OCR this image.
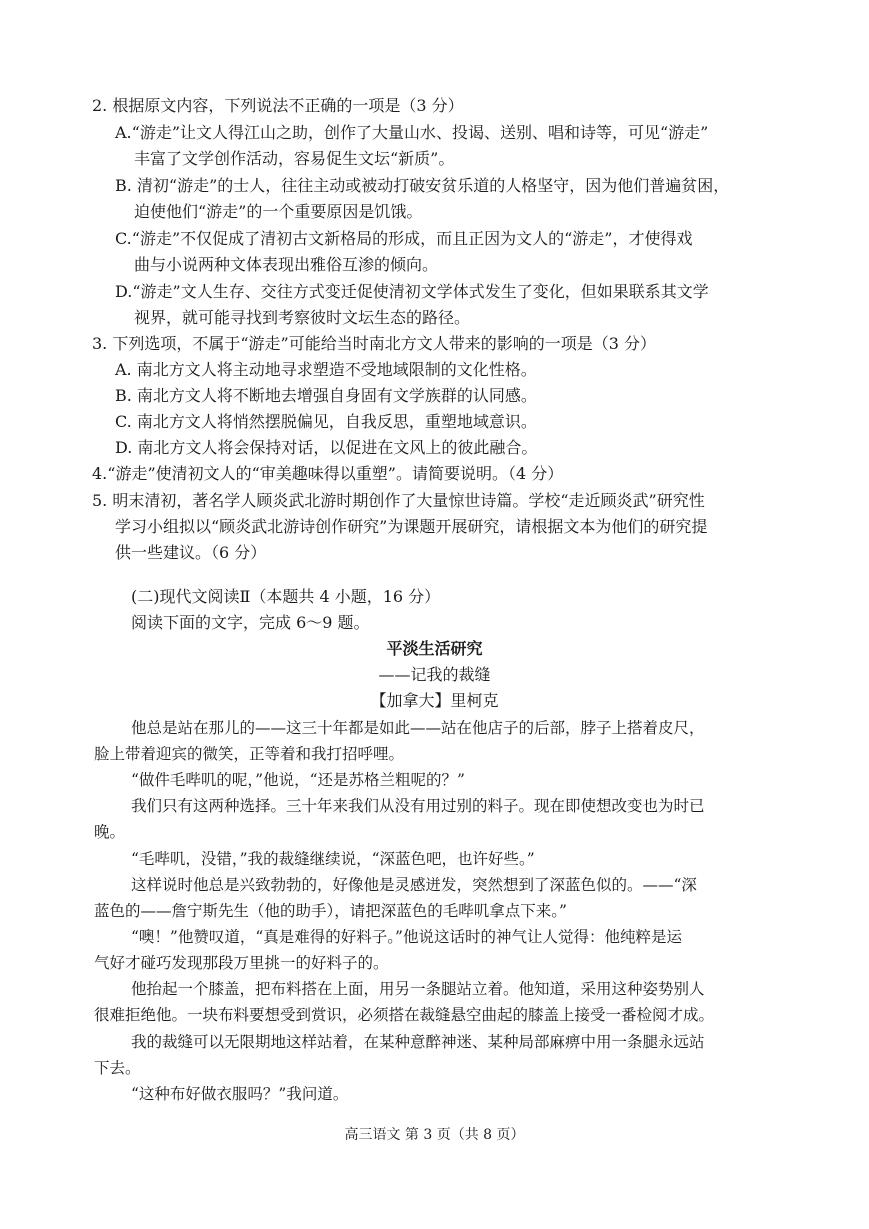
2. 根据原文内容，下列说法不正确的一项是（3 分）
A.“游走”让文人得江山之助，创作了大量山水、投谒、送别、唱和诗等，可见“游走”
丰富了文学创作活动，容易促生文坛“新质”。
B. 清初“游走”的士人，往往主动或被动打破安贫乐道的人格坚守，因为他们普遍贫困，
迫使他们“游走”的一个重要原因是饥饿。
C.“游走”不仅促成了清初古文新格局的形成，而且正因为文人的“游走”，才使得戏
曲与小说两种文体表现出雅俗互渗的倾向。
D.“游走”文人生存、交往方式变迁促使清初文学体式发生了变化，但如果联系其文学
视界，就可能寻找到考察彼时文坛生态的路径。
3. 下列选项，不属于“游走”可能给当时南北方文人带来的影响的一项是（3 分）
A. 南北方文人将主动地寻求塑造不受地域限制的文化性格。
B. 南北方文人将不断地去增强自身固有文学族群的认同感。
C. 南北方文人将悄然摆脱偏见，自我反思，重塑地域意识。
D. 南北方文人将会保持对话，以促进在文风上的彼此融合。
4.“游走”使清初文人的“审美趣味得以重塑”。请简要说明。（4 分）
5. 明末清初，著名学人顾炎武北游时期创作了大量惊世诗篇。学校“走近顾炎武”研究性
学习小组拟以“顾炎武北游诗创作研究”为课题开展研究，请根据文本为他们的研究提
供一些建议。（6 分）
(二)现代文阅读Ⅱ（本题共 4 小题，16 分）
阅读下面的文字，完成 6～9 题。
平淡生活研究
——记我的裁缝
【加拿大】里柯克
他总是站在那儿的——这三十年都是如此——站在他店子的后部，脖子上搭着皮尺，
脸上带着迎宾的微笑，正等着和我打招呼哩。
“做件毛哔叽的呢，”他说，“还是苏格兰粗呢的？”
我们只有这两种选择。三十年来我们从没有用过别的料子。现在即使想改变也为时已
晚。
“毛哔叽，没错，”我的裁缝继续说，“深蓝色吧，也许好些。”
这样说时他总是兴致勃勃的，好像他是灵感迸发，突然想到了深蓝色似的。——“深
蓝色的——詹宁斯先生（他的助手），请把深蓝色的毛哔叽拿点下来。”
“噢！”他赞叹道，“真是难得的好料子。”他说这话时的神气让人觉得：他纯粹是运
气好才碰巧发现那段万里挑一的好料子的。
他抬起一个膝盖，把布料搭在上面，用另一条腿站立着。他知道，采用这种姿势别人
很难拒绝他。一块布料要想受到赏识，必须搭在裁缝悬空曲起的膝盖上接受一番检阅才成。
我的裁缝可以无限期地这样站着，在某种意醉神迷、某种局部麻痹中用一条腿永远站
下去。
“这种布好做衣服吗？”我问道。
高三语文 第 3 页（共 8 页）
